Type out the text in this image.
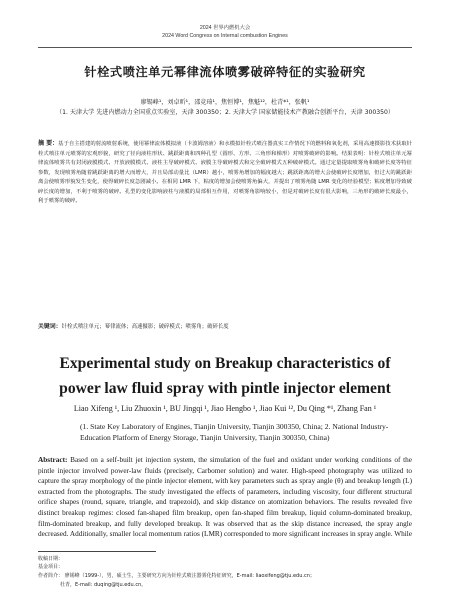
2024 世界内燃机大会
2024 Word Congress on Internal combustion Engines
针栓式喷注单元幂律流体喷雾破碎特征的实验研究
廖锡峰¹，刘卓昕¹，邵竞琦¹，焦恒博¹，焦魁¹²，杜青*¹，张帆¹
（1. 天津大学 先进内燃动力全国重点实验室，天津 300350；2. 天津大学 国家储能技术产教融合创新平台，天津 300350）
摘 要：基于自主搭建的射流喷射系统，使用幂律流体模拟液（卡波姆溶液）和水模拟针栓式喷注器真实工作情况下的燃料和氧化剂，采用高速摄影技术获取针栓式喷注单元喷雾的宏观形貌，研究了径向液柱形状、跳跃距离和四种孔型（圆形、方形、三角形和梯形）对喷雾破碎的影响。结果表明：针栓式喷注单元幂律流体喷雾共有封闭液膜模式、开放液膜模式、液柱主导破碎模式、液膜主导破碎模式和完全破碎模式五种破碎模式。通过定量提取喷雾角和破碎长度等特征参数，发现喷雾角随着跳跃距离的增大而增大，并且局部动量比（LMR）越小，喷雾角增加的幅度越大；跳跃距离的增大会使破碎长度增加，但过大的跳跃距离会使喷雾形貌发生变化，使得破碎长度急剧减小。在相同 LMR 下，粘度的增加会使喷雾角偏大，并提出了喷雾角随 LMR 变化的经验模型；粘度增加导致破碎长度的增加，不利于喷雾的破碎。孔型的变化影响液柱与液膜的局部相互作用，对喷雾角影响较小，但是对破碎长度有很大影响，三角形的破碎长度最小，利于喷雾的破碎。
关键词：针栓式喷注单元；幂律流体；高速摄影；破碎模式；喷雾角；破碎长度
Experimental study on Breakup characteristics of
power law fluid spray with pintle injector element
Liao Xifeng ¹, Liu Zhuoxin ¹, BU Jingqi ¹, Jiao Hengbo ¹, Jiao Kui ¹², Du Qing *¹, Zhang Fan ¹
(1. State Key Laboratory of Engines, Tianjin University, Tianjin 300350, China; 2. National Industry-Education Platform of Energy Storage, Tianjin University, Tianjin 300350, China)
Abstract: Based on a self-built jet injection system, the simulation of the fuel and oxidant under working conditions of the pintle injector involved power-law fluids (precisely, Carbomer solution) and water. High-speed photography was utilized to capture the spray morphology of the pintle injector element, with key parameters such as spray angle (θ) and breakup length (L) extracted from the photographs. The study investigated the effects of parameters, including viscosity, four different structural orifice shapes (round, square, triangle, and trapezoid), and skip distance on atomization behaviors. The results revealed five distinct breakup regimes: closed fan-shaped film breakup, open fan-shaped film breakup, liquid column-dominated breakup, film-dominated breakup, and fully developed breakup. It was observed that as the skip distance increased, the spray angle decreased. Additionally, smaller local momentum ratios (LMR) corresponded to more significant increases in spray angle. While
收稿日期：
基金项目：
作者简介： 廖锡峰（1999-），男，硕士生，主要研究方向为针栓式喷注器雾化特征研究，E-mail: liaoxifeng@tju.edu.cn；
杜青，E-mail: duqing@tju.edu.cn。
